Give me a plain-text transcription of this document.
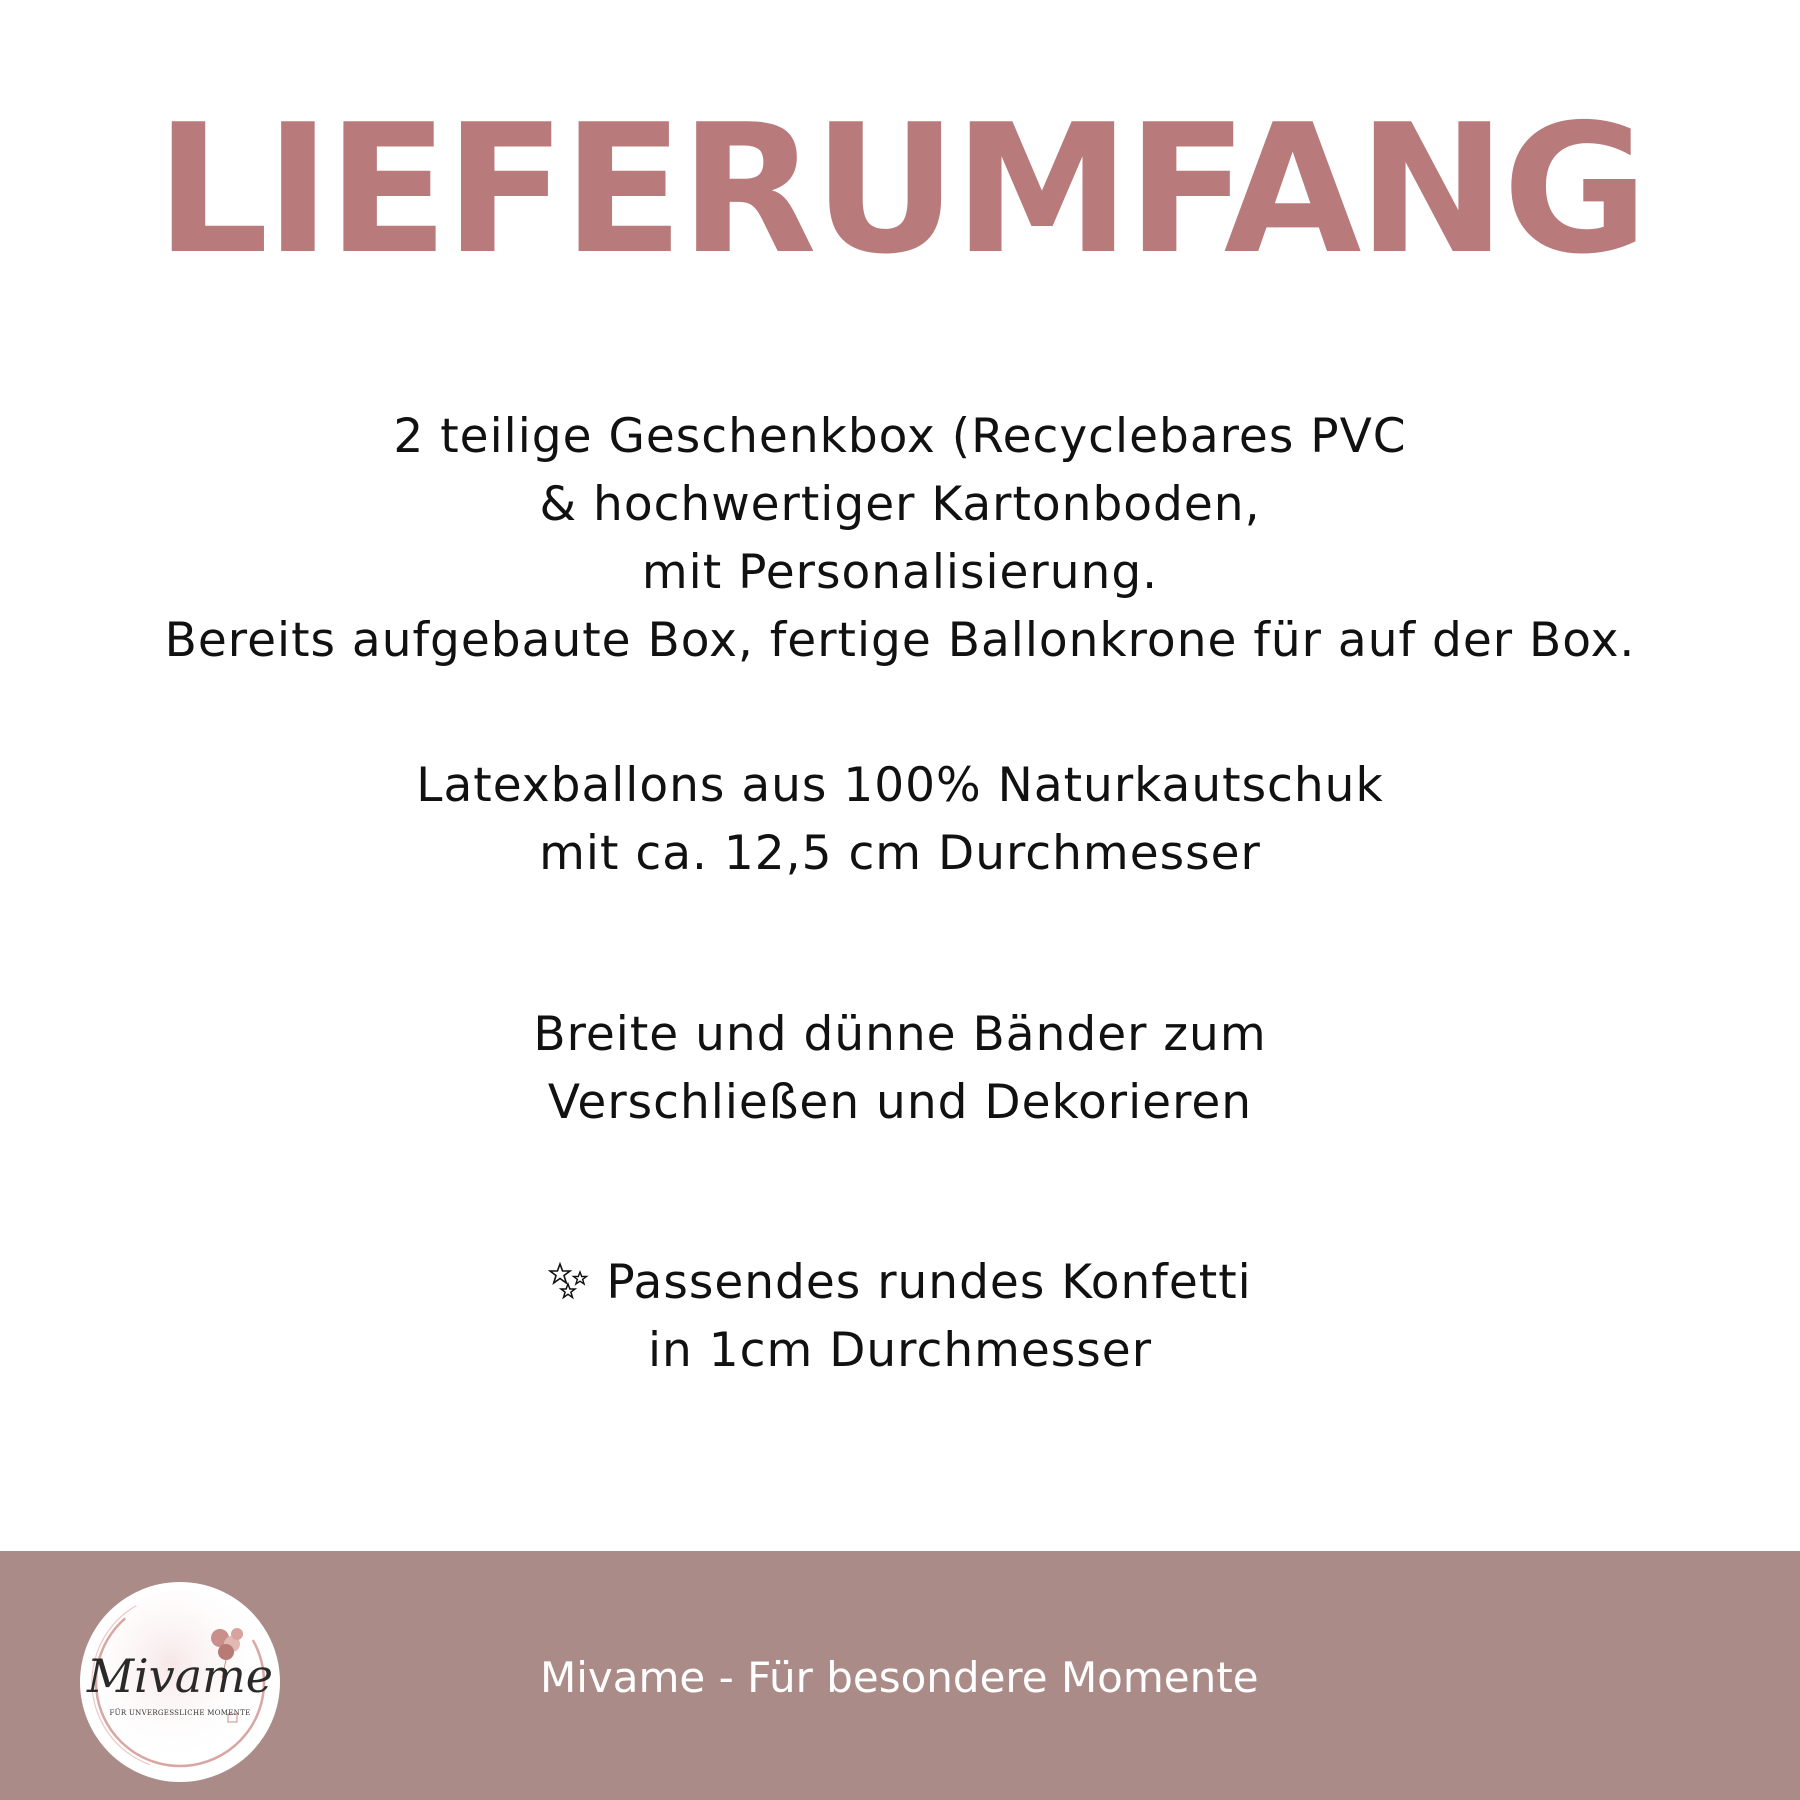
LIEFERUMFANG
2 teilige Geschenkbox (Recyclebares PVC
& hochwertiger Kartonboden,
mit Personalisierung.
Bereits aufgebaute Box, fertige Ballonkrone für auf der Box.
Latexballons aus 100% Naturkautschuk
mit ca. 12,5 cm Durchmesser
Breite und dünne Bänder zum
Verschließen und Dekorieren
Passendes rundes Konfetti
in 1cm Durchmesser
Mivame
FÜR UNVERGESSLICHE MOMENTE
Mivame - Für besondere Momente
